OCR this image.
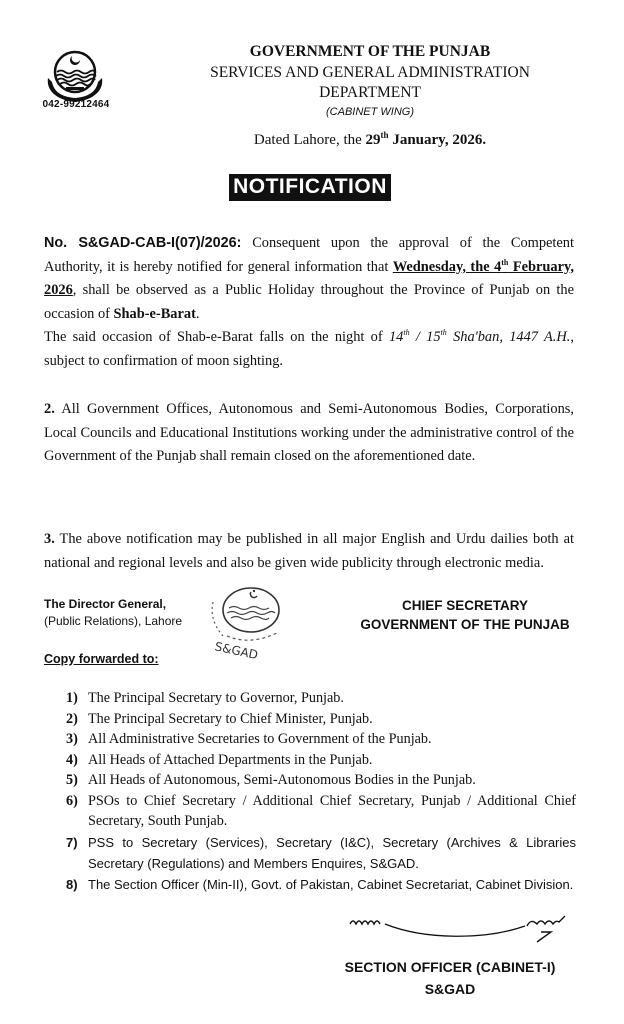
042-99212464
GOVERNMENT OF THE PUNJAB
SERVICES AND GENERAL ADMINISTRATION
DEPARTMENT
(CABINET WING)
Dated Lahore, the 29th January, 2026.
NOTIFICATION
No. S&GAD-CAB-I(07)/2026: Consequent upon the approval of the Competent Authority, it is hereby notified for general information that Wednesday, the 4th February, 2026, shall be observed as a Public Holiday throughout the Province of Punjab on the occasion of Shab-e-Barat.
The said occasion of Shab-e-Barat falls on the night of 14th / 15th Sha'ban, 1447 A.H., subject to confirmation of moon sighting.
2. All Government Offices, Autonomous and Semi-Autonomous Bodies, Corporations, Local Councils and Educational Institutions working under the administrative control of the Government of the Punjab shall remain closed on the aforementioned date.
3. The above notification may be published in all major English and Urdu dailies both at national and regional levels and also be given wide publicity through electronic media.
The Director General,
(Public Relations), Lahore
S&GAD
CHIEF SECRETARY
GOVERNMENT OF THE PUNJAB
Copy forwarded to:
1) The Principal Secretary to Governor, Punjab.
2) The Principal Secretary to Chief Minister, Punjab.
3) All Administrative Secretaries to Government of the Punjab.
4) All Heads of Attached Departments in the Punjab.
5) All Heads of Autonomous, Semi-Autonomous Bodies in the Punjab.
6) PSOs to Chief Secretary / Additional Chief Secretary, Punjab / Additional Chief Secretary, South Punjab.
7) PSS to Secretary (Services), Secretary (I&C), Secretary (Archives & Libraries Secretary (Regulations) and Members Enquires, S&GAD.
8) The Section Officer (Min-II), Govt. of Pakistan, Cabinet Secretariat, Cabinet Division.
SECTION OFFICER (CABINET-I)
S&GAD
